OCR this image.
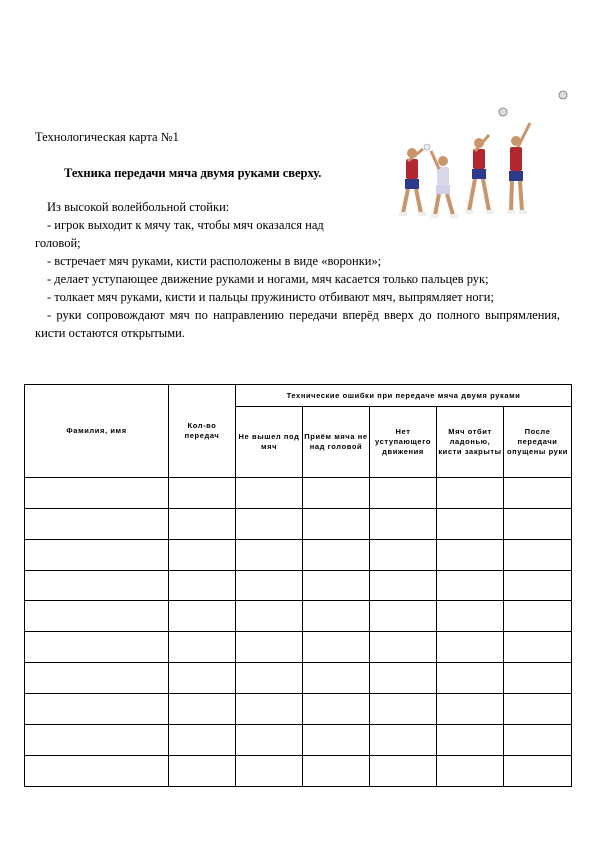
Технологическая карта №1
Техника передачи мяча двумя руками сверху.
Из высокой волейбольной стойки:
- игрок выходит к мячу так, чтобы мяч оказался над
головой;
- встречает мяч руками, кисти расположены в виде «воронки»;
- делает уступающее движение руками и ногами, мяч касается только пальцев рук;
- толкает мяч руками, кисти и пальцы пружинисто отбивают мяч, выпрямляет ноги;
- руки сопровождают мяч по направлению передачи вперёд вверх до полного выпрямления, кисти остаются открытыми.
Фамилия, имя	Кол-во передач	Технические ошибки при передаче мяча двумя руками				
		Не вышел под мяч	Приём мяча не над головой	Нет уступающего движения	Мяч отбит ладонью, кисти закрыты	После передачи опущены руки
